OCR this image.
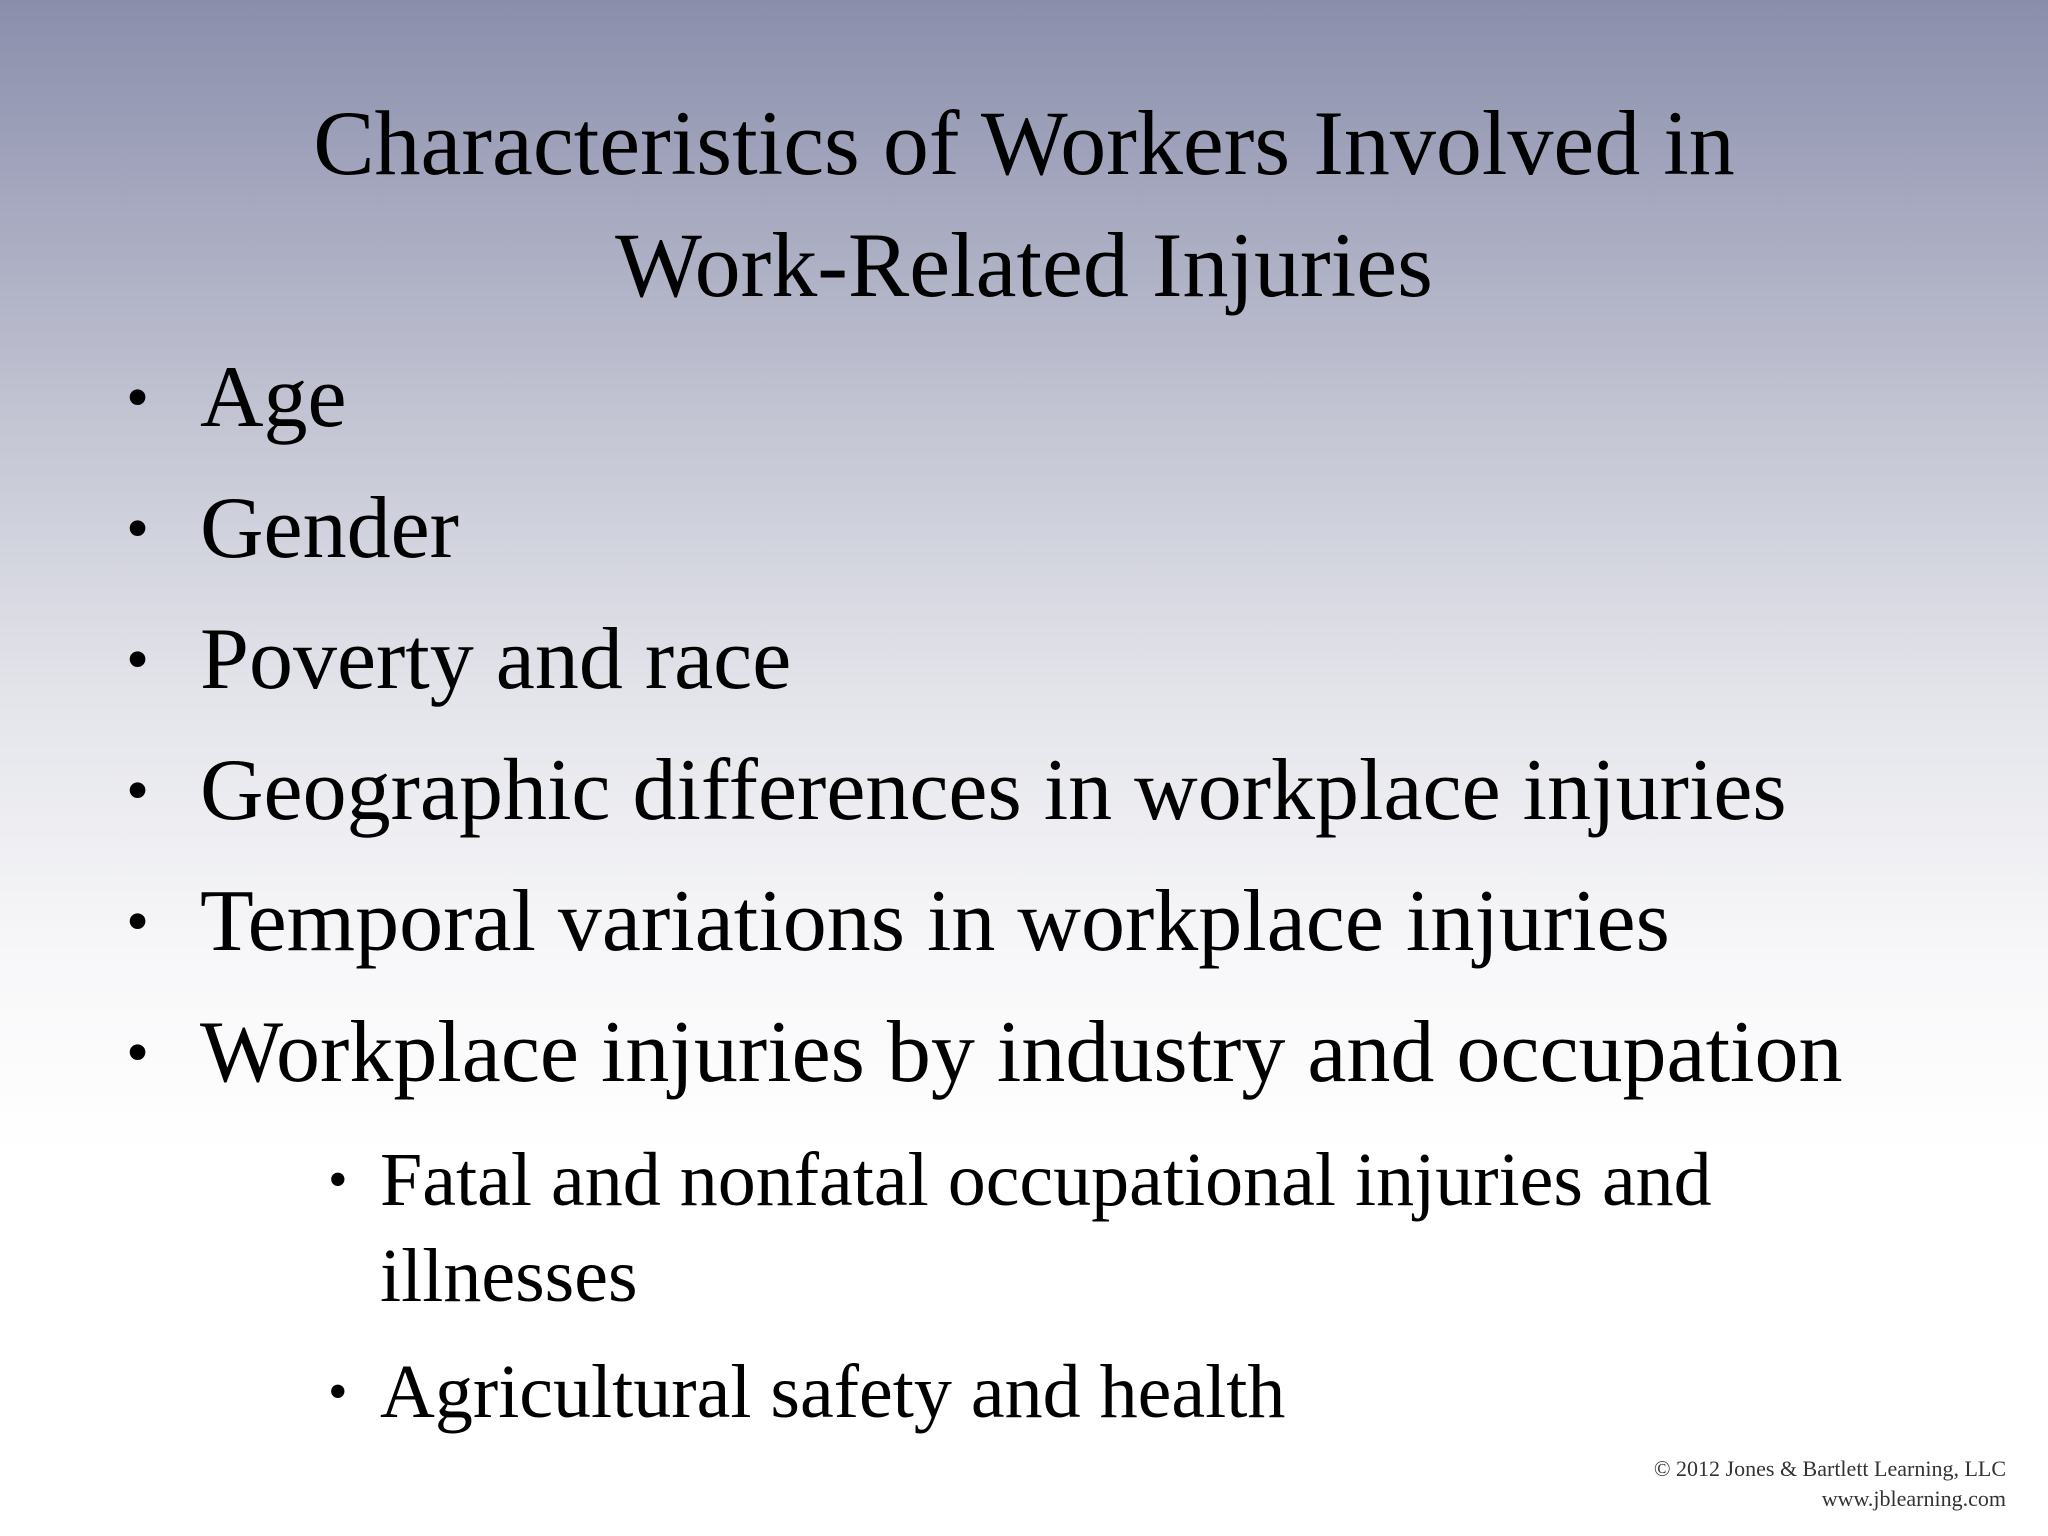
Characteristics of Workers Involved in
Work-Related Injuries
• Age
• Gender
• Poverty and race
• Geographic differences in workplace injuries
• Temporal variations in workplace injuries
• Workplace injuries by industry and occupation
• Fatal and nonfatal occupational injuries and illnesses
• Agricultural safety and health
© 2012 Jones & Bartlett Learning, LLC
www.jblearning.com
